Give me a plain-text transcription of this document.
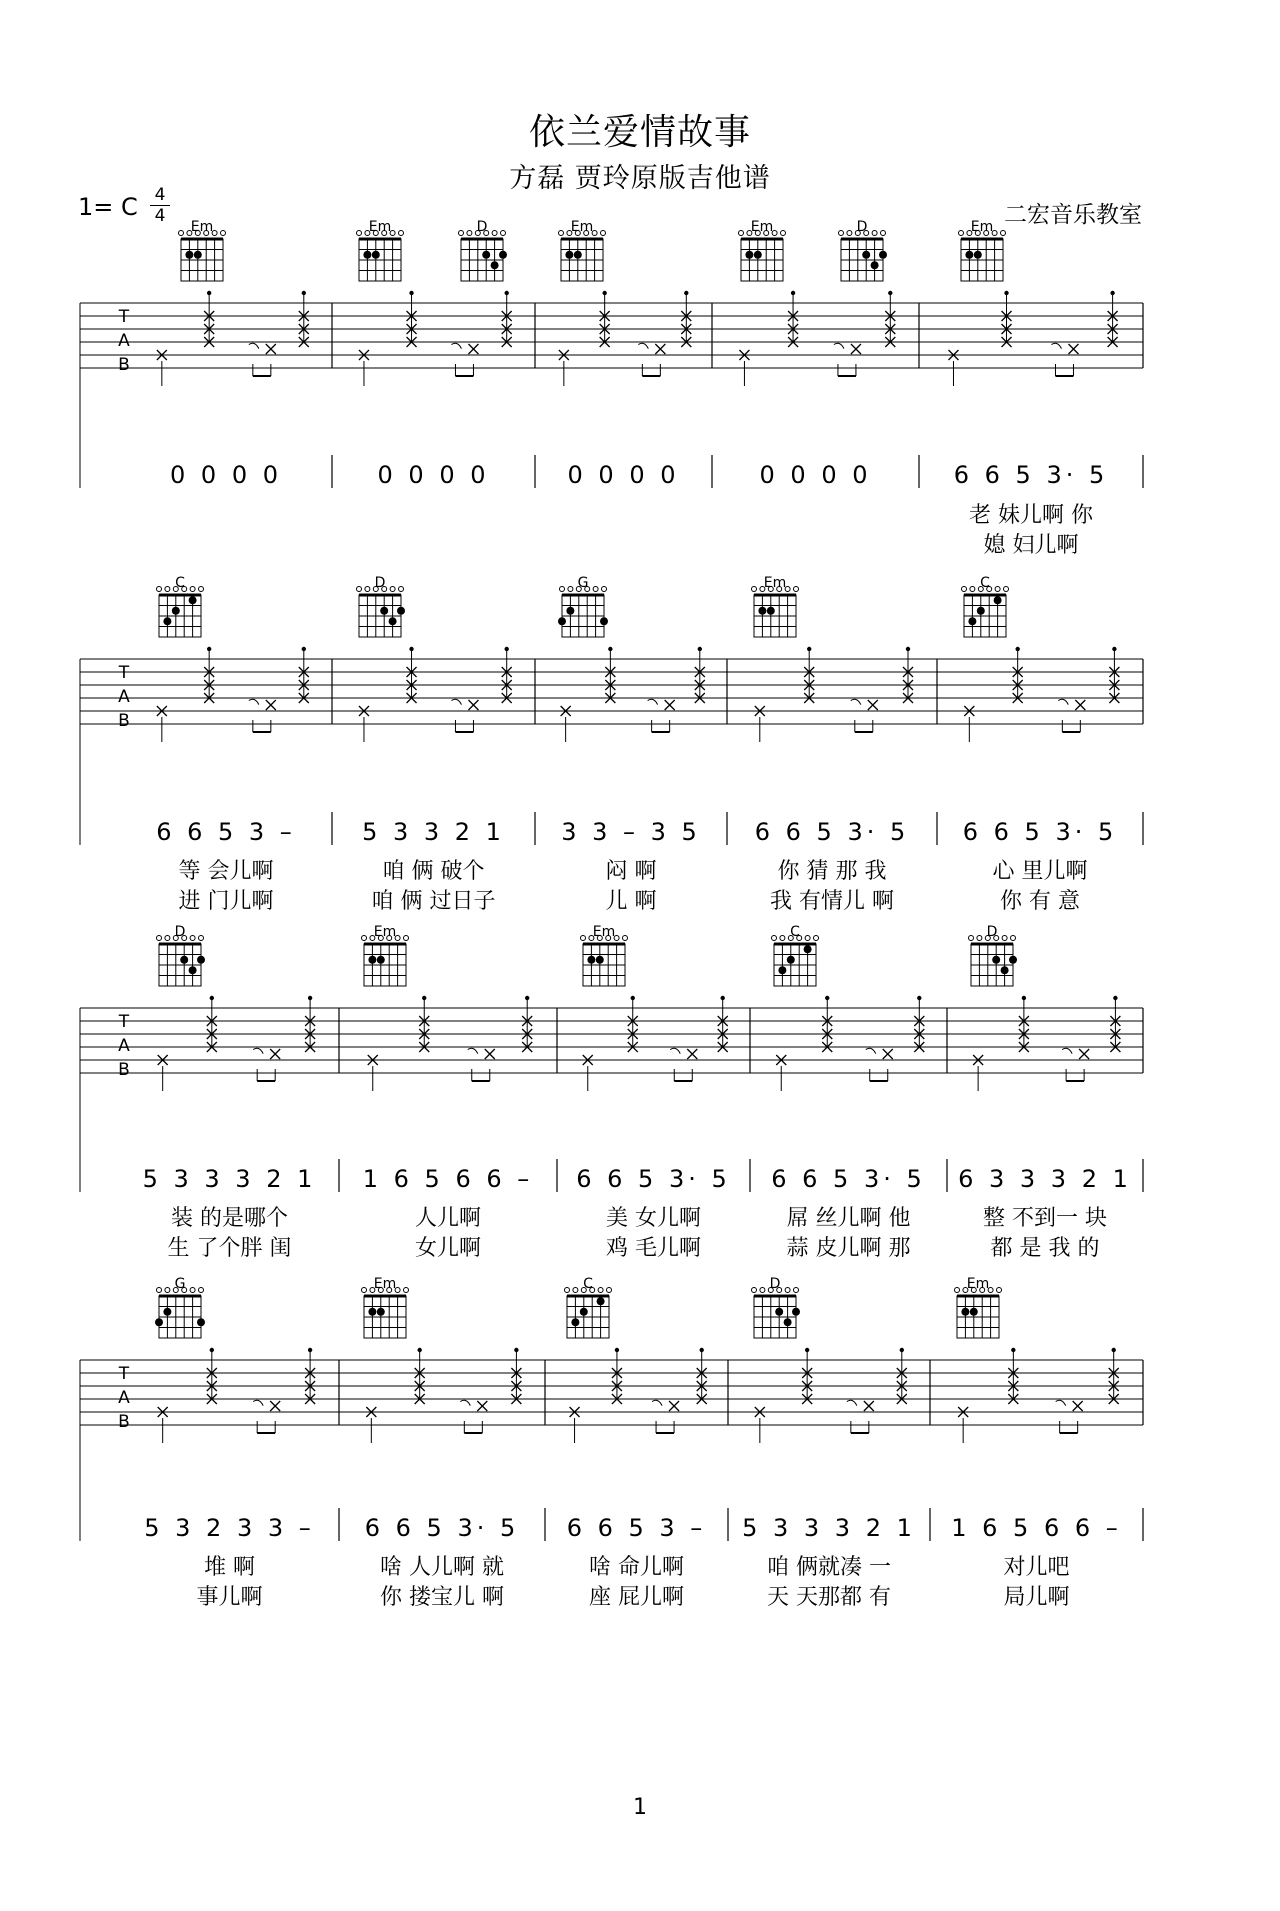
依兰爱情故事
方磊 贾玲原版吉他谱
1= C 4
4	二宏音乐教室
T
A
B
Em	Em	D	Em	Em	D	Em
0 0 0 0	0 0 0 0	0 0 0 0	0 0 0 0	6 6 5 3· 5
老 妹儿啊 你
媳 妇儿啊
T
A
B
C	D	G	Em	C
6 6 5 3 –
等 会儿啊
进 门儿啊
5 3 3 2 1
咱 俩 破个
咱 俩 过日子
3 3 – 3 5
闷 啊
儿 啊
6 6 5 3· 5
你 猜 那 我
我 有情儿 啊
6 6 5 3· 5
心 里儿啊
你 有 意
T
A
B
D	Em	Em	C	D
5 3 3 3 2 1
装 的是哪个
生 了个胖 闺
1 6 5 6 6 –
人儿啊
女儿啊
6 6 5 3· 5
美 女儿啊
鸡 毛儿啊
6 6 5 3· 5
屌 丝儿啊 他
蒜 皮儿啊 那
6 3 3 3 2 1
整 不到一 块
都 是 我 的
T
A
B
G	Em	C	D	Em
5 3 2 3 3 –
堆 啊
事儿啊
6 6 5 3· 5
啥 人儿啊 就
你 搂宝儿 啊
6 6 5 3 –
啥 命儿啊
座 屁儿啊
5 3 3 3 2 1
咱 俩就凑 一
天 天那都 有
1 6 5 6 6 –
对儿吧
局儿啊
1
